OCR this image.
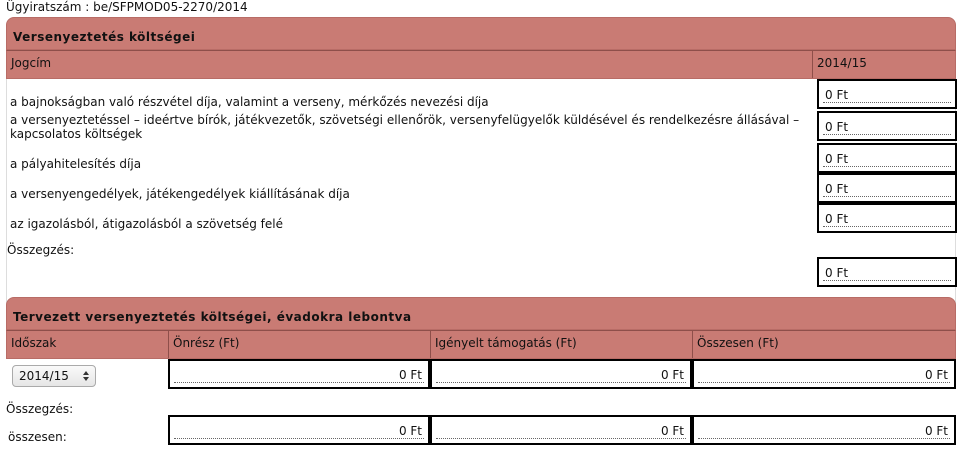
Ügyiratszám : be/SFPMOD05-2270/2014
Versenyeztetés költségei
Jogcím	2014/15
a bajnokságban való részvétel díja, valamint a verseny, mérkőzés nevezési díja	0 Ft
a versenyeztetéssel – ideértve bírók, játékvezetők, szövetségi ellenőrök, versenyfelügyelők küldésével és rendelkezésre állásával – kapcsolatos költségek	0 Ft
a pályahitelesítés díja	0 Ft
a versenyengedélyek, játékengedélyek kiállításának díja	0 Ft
az igazolásból, átigazolásból a szövetség felé	0 Ft
Összegzés:
0 Ft
Tervezett versenyeztetés költségei, évadokra lebontva
Időszak	Önrész (Ft)	Igényelt támogatás (Ft)	Összesen (Ft)
2014/15	0 Ft	0 Ft	0 Ft
Összegzés:
összesen:	0 Ft	0 Ft	0 Ft
